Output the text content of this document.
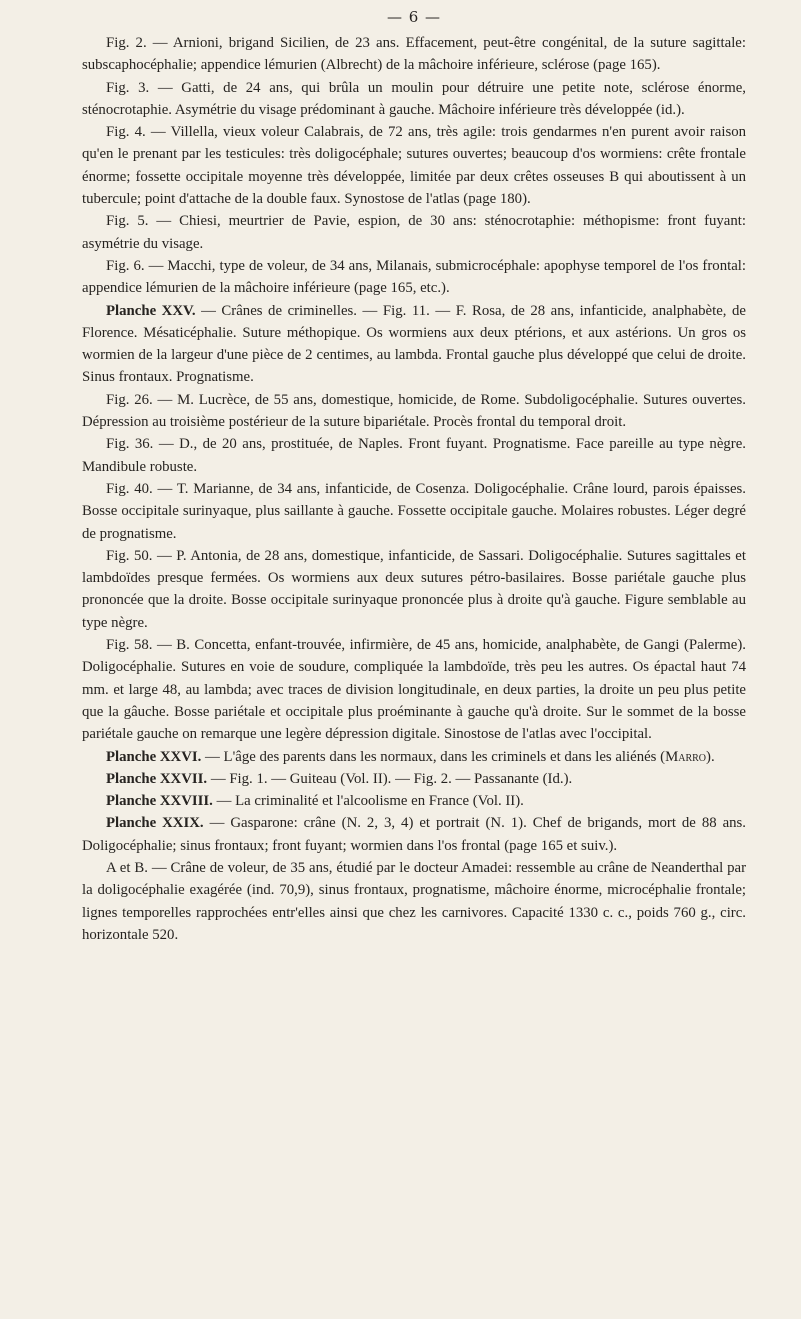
— 6 —

Fig. 2. — Arnioni, brigand Sicilien, de 23 ans. Effacement, peut-être congénital, de la suture sagittale: subscaphocéphalie; appendice lémurien (Albrecht) de la mâchoire inférieure, sclérose (page 165).

Fig. 3. — Gatti, de 24 ans, qui brûla un moulin pour détruire une petite note, sclérose énorme, sténocrotaphie. Asymétrie du visage prédominant à gauche. Mâchoire inférieure très développée (id.).

Fig. 4. — Villella, vieux voleur Calabrais, de 72 ans, très agile: trois gendarmes n'en purent avoir raison qu'en le prenant par les testicules: très doligocéphale; sutures ouvertes; beaucoup d'os wormiens: crête frontale énorme; fossette occipitale moyenne très développée, limitée par deux crêtes osseuses B qui aboutissent à un tubercule; point d'attache de la double faux. Synostose de l'atlas (page 180).

Fig. 5. — Chiesi, meurtrier de Pavie, espion, de 30 ans: sténocrotaphie: méthopisme: front fuyant: asymétrie du visage.

Fig. 6. — Macchi, type de voleur, de 34 ans, Milanais, submicrocéphale: apophyse temporel de l'os frontal: appendice lémurien de la mâchoire inférieure (page 165, etc.).

Planche XXV. — Crânes de criminelles. — Fig. 11. — F. Rosa, de 28 ans, infanticide, analphabète, de Florence. Mésaticéphalie. Suture méthopique. Os wormiens aux deux ptérions, et aux astérions. Un gros os wormien de la largeur d'une pièce de 2 centimes, au lambda. Frontal gauche plus développé que celui de droite. Sinus frontaux. Prognatisme.

Fig. 26. — M. Lucrèce, de 55 ans, domestique, homicide, de Rome. Subdoligocéphalie. Sutures ouvertes. Dépression au troisième postérieur de la suture bipariétale. Procès frontal du temporal droit.

Fig. 36. — D., de 20 ans, prostituée, de Naples. Front fuyant. Prognatisme. Face pareille au type nègre. Mandibule robuste.

Fig. 40. — T. Marianne, de 34 ans, infanticide, de Cosenza. Doligocéphalie. Crâne lourd, parois épaisses. Bosse occipitale surinyaque, plus saillante à gauche. Fossette occipitale gauche. Molaires robustes. Léger degré de prognatisme.

Fig. 50. — P. Antonia, de 28 ans, domestique, infanticide, de Sassari. Doligocéphalie. Sutures sagittales et lambdoïdes presque fermées. Os wormiens aux deux sutures pétro-basilaires. Bosse pariétale gauche plus prononcée que la droite. Bosse occipitale surinyaque prononcée plus à droite qu'à gauche. Figure semblable au type nègre.

Fig. 58. — B. Concetta, enfant-trouvée, infirmière, de 45 ans, homicide, analphabète, de Gangi (Palerme). Doligocéphalie. Sutures en voie de soudure, compliquée la lambdoïde, très peu les autres. Os épactal haut 74 mm. et large 48, au lambda; avec traces de division longitudinale, en deux parties, la droite un peu plus petite que la gâuche. Bosse pariétale et occipitale plus proéminante à gauche qu'à droite. Sur le sommet de la bosse pariétale gauche on remarque une legère dépression digitale. Sinostose de l'atlas avec l'occipital.

Planche XXVI. — L'âge des parents dans les normaux, dans les criminels et dans les aliénés (Marro).

Planche XXVII. — Fig. 1. — Guiteau (Vol. II). — Fig. 2. — Passanante (Id.).

Planche XXVIII. — La criminalité et l'alcoolisme en France (Vol. II).

Planche XXIX. — Gasparone: crâne (N. 2, 3, 4) et portrait (N. 1). Chef de brigands, mort de 88 ans. Doligocéphalie; sinus frontaux; front fuyant; wormien dans l'os frontal (page 165 et suiv.).

A et B. — Crâne de voleur, de 35 ans, étudié par le docteur Amadei: ressemble au crâne de Neanderthal par la doligocéphalie exagérée (ind. 70,9), sinus frontaux, prognatisme, mâchoire énorme, microcéphalie frontale; lignes temporelles rapprochées entr'elles ainsi que chez les carnivores. Capacité 1330 c. c., poids 760 g., circ. horizontale 520.
